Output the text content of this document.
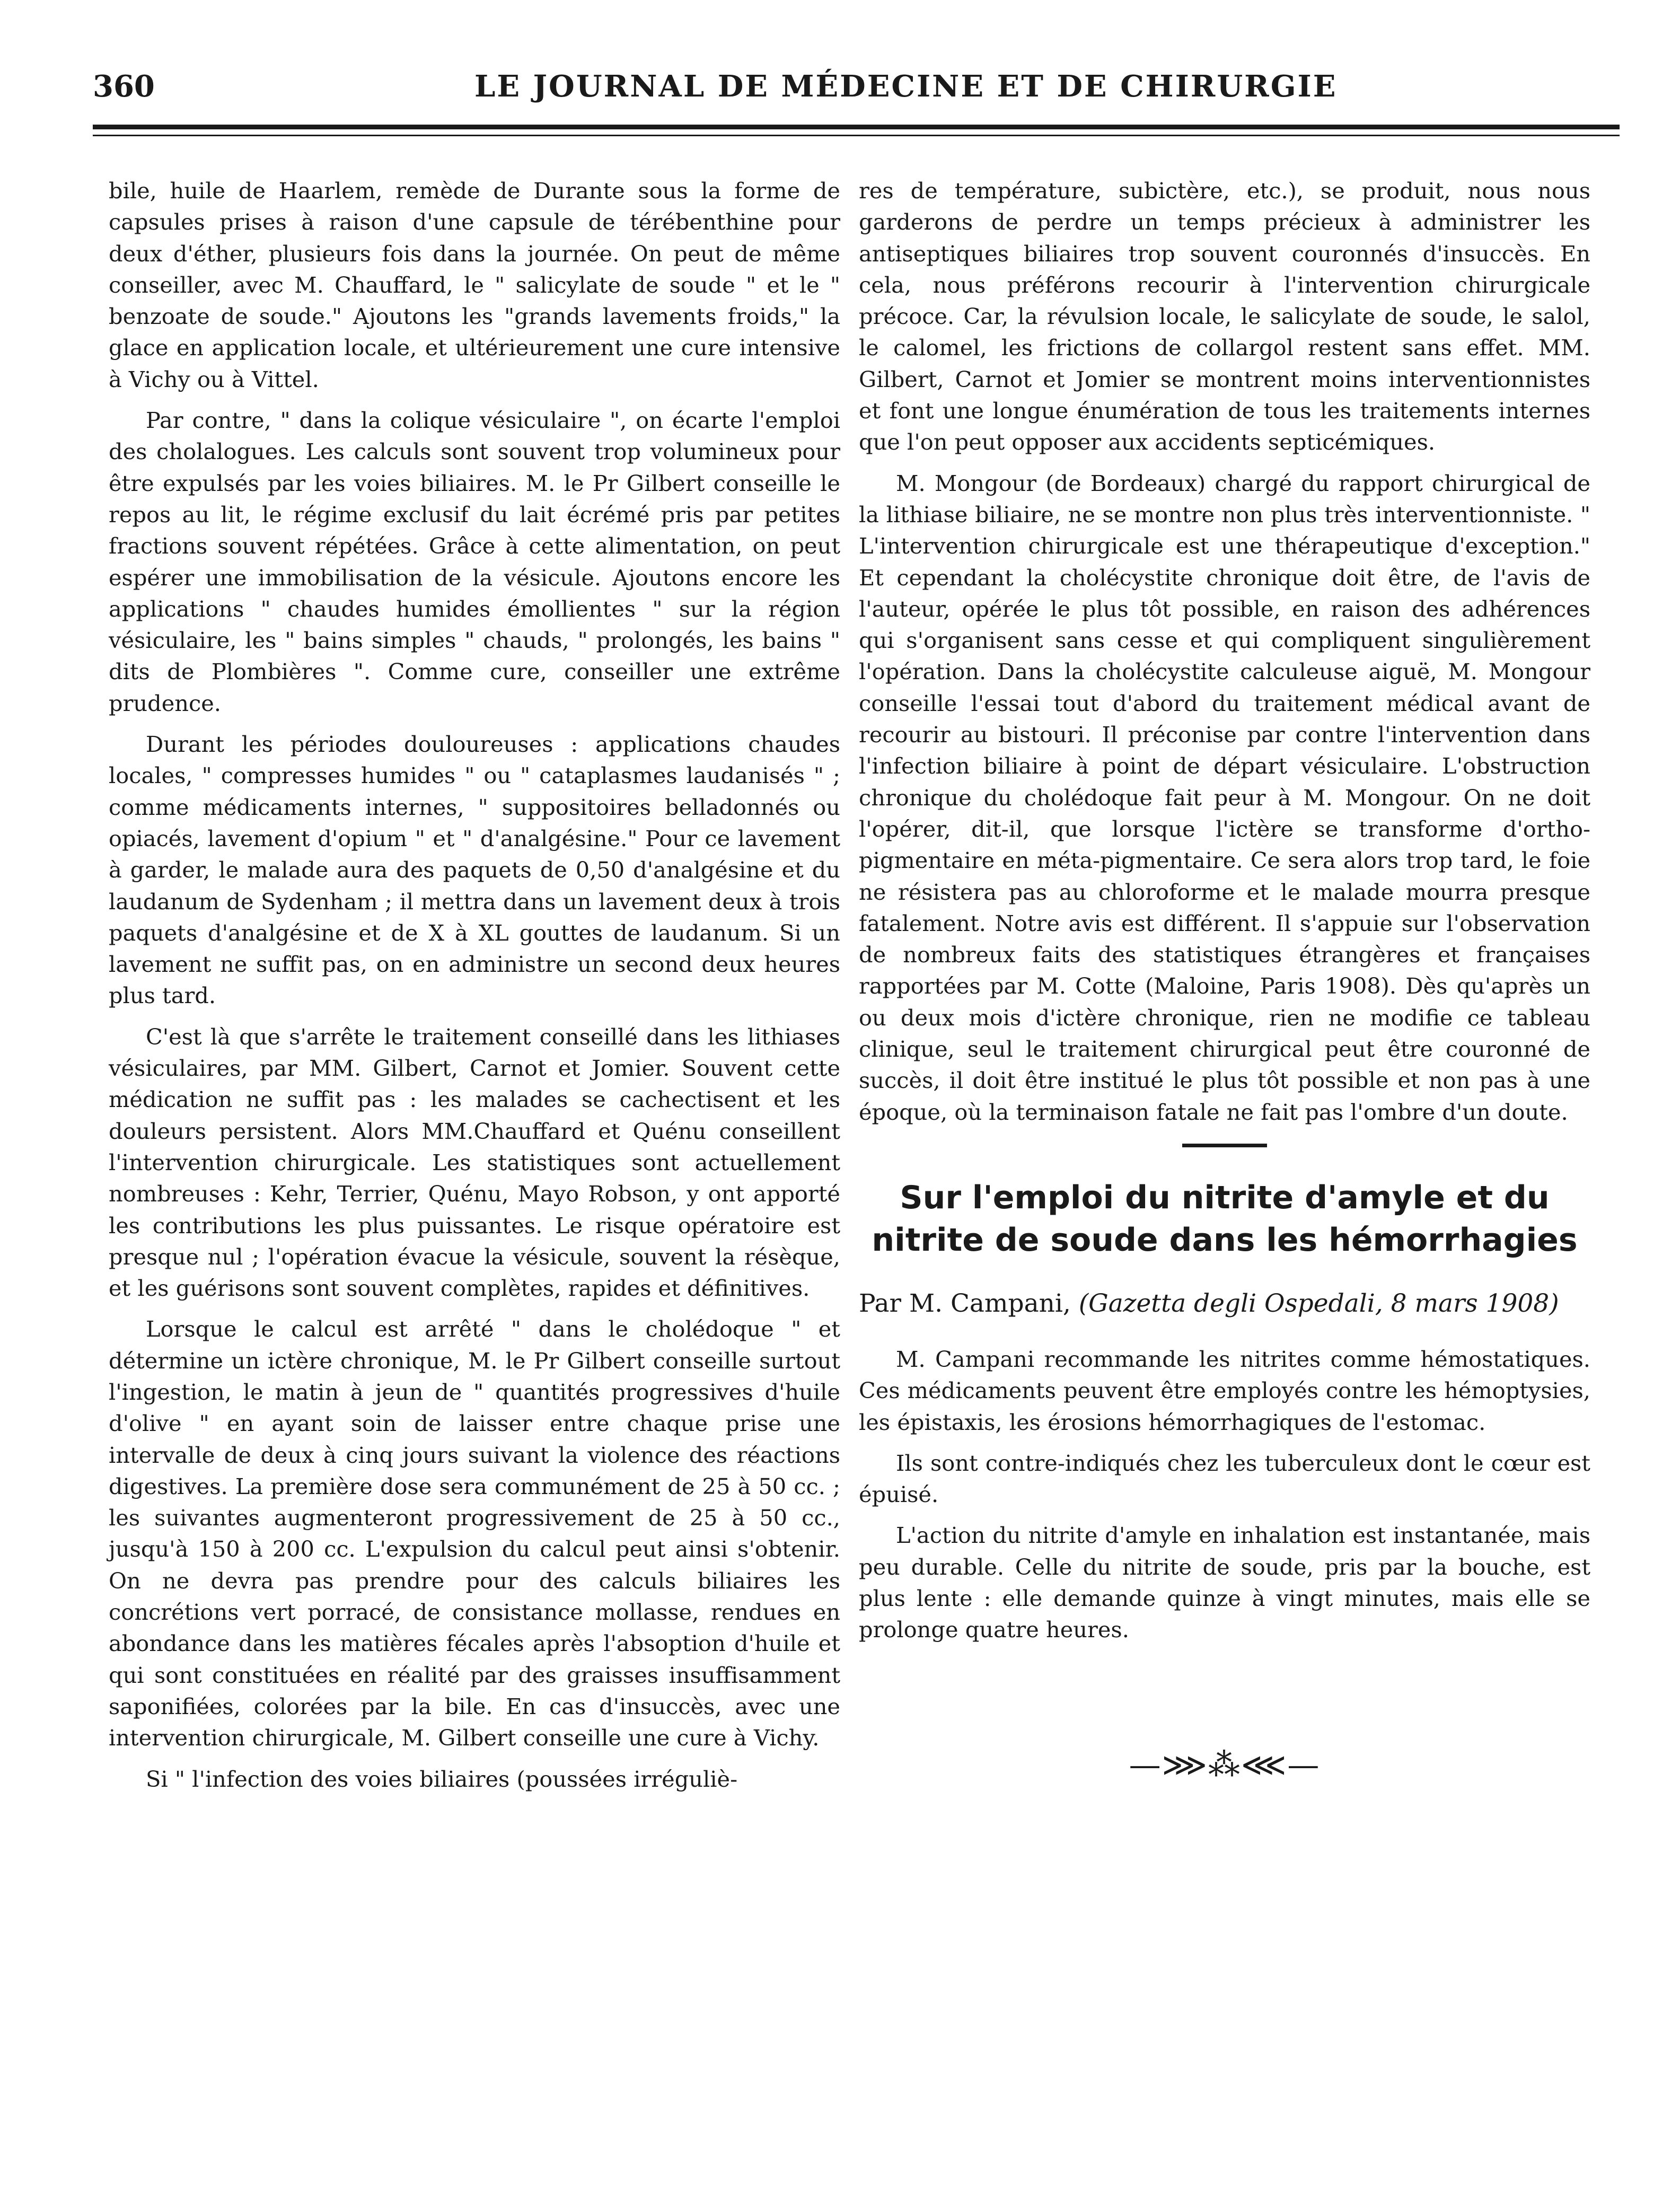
360	LE JOURNAL DE MÉDECINE ET DE CHIRURGIE

bile, huile de Haarlem, remède de Durante sous la forme de capsules prises à raison d'une capsule de térébenthine pour deux d'éther, plusieurs fois dans la journée. On peut de même conseiller, avec M. Chauffard, le " salicylate de soude " et le " benzoate de soude." Ajoutons les "grands lavements froids," la glace en application locale, et ultérieurement une cure intensive à Vichy ou à Vittel.

Par contre, " dans la colique vésiculaire ", on écarte l'emploi des cholalogues. Les calculs sont souvent trop volumineux pour être expulsés par les voies biliaires. M. le Pr Gilbert conseille le repos au lit, le régime exclusif du lait écrémé pris par petites fractions souvent répétées. Grâce à cette alimentation, on peut espérer une immobilisation de la vésicule. Ajoutons encore les applications " chaudes humides émollientes " sur la région vésiculaire, les " bains simples " chauds, " prolongés, les bains " dits de Plombières ". Comme cure, conseiller une extrême prudence.

Durant les périodes douloureuses : applications chaudes locales, " compresses humides " ou " cataplasmes laudanisés " ; comme médicaments internes, " suppositoires belladonnés ou opiacés, lavement d'opium " et " d'analgésine." Pour ce lavement à garder, le malade aura des paquets de 0,50 d'analgésine et du laudanum de Sydenham ; il mettra dans un lavement deux à trois paquets d'analgésine et de X à XL gouttes de laudanum. Si un lavement ne suffit pas, on en administre un second deux heures plus tard.

C'est là que s'arrête le traitement conseillé dans les lithiases vésiculaires, par MM. Gilbert, Carnot et Jomier. Souvent cette médication ne suffit pas : les malades se cachectisent et les douleurs persistent. Alors MM.Chauffard et Quénu conseillent l'intervention chirurgicale. Les statistiques sont actuellement nombreuses : Kehr, Terrier, Quénu, Mayo Robson, y ont apporté les contributions les plus puissantes. Le risque opératoire est presque nul ; l'opération évacue la vésicule, souvent la résèque, et les guérisons sont souvent complètes, rapides et définitives.

Lorsque le calcul est arrêté " dans le cholédoque " et détermine un ictère chronique, M. le Pr Gilbert conseille surtout l'ingestion, le matin à jeun de " quantités progressives d'huile d'olive " en ayant soin de laisser entre chaque prise une intervalle de deux à cinq jours suivant la violence des réactions digestives. La première dose sera communément de 25 à 50 cc. ; les suivantes augmenteront progressivement de 25 à 50 cc., jusqu'à 150 à 200 cc. L'expulsion du calcul peut ainsi s'obtenir. On ne devra pas prendre pour des calculs biliaires les concrétions vert porracé, de consistance mollasse, rendues en abondance dans les matières fécales après l'absoption d'huile et qui sont constituées en réalité par des graisses insuffisamment saponifiées, colorées par la bile. En cas d'insuccès, avec une intervention chirurgicale, M. Gilbert conseille une cure à Vichy.

Si " l'infection des voies biliaires (poussées irréguliè-

res de température, subictère, etc.), se produit, nous nous garderons de perdre un temps précieux à administrer les antiseptiques biliaires trop souvent couronnés d'insuccès. En cela, nous préférons recourir à l'intervention chirurgicale précoce. Car, la révulsion locale, le salicylate de soude, le salol, le calomel, les frictions de collargol restent sans effet. MM. Gilbert, Carnot et Jomier se montrent moins interventionnistes et font une longue énumération de tous les traitements internes que l'on peut opposer aux accidents septicémiques.

M. Mongour (de Bordeaux) chargé du rapport chirurgical de la lithiase biliaire, ne se montre non plus très interventionniste. " L'intervention chirurgicale est une thérapeutique d'exception." Et cependant la cholécystite chronique doit être, de l'avis de l'auteur, opérée le plus tôt possible, en raison des adhérences qui s'organisent sans cesse et qui compliquent singulièrement l'opération. Dans la cholécystite calculeuse aiguë, M. Mongour conseille l'essai tout d'abord du traitement médical avant de recourir au bistouri. Il préconise par contre l'intervention dans l'infection biliaire à point de départ vésiculaire. L'obstruction chronique du cholédoque fait peur à M. Mongour. On ne doit l'opérer, dit-il, que lorsque l'ictère se transforme d'ortho-pigmentaire en méta-pigmentaire. Ce sera alors trop tard, le foie ne résistera pas au chloroforme et le malade mourra presque fatalement. Notre avis est différent. Il s'appuie sur l'observation de nombreux faits des statistiques étrangères et françaises rapportées par M. Cotte (Maloine, Paris 1908). Dès qu'après un ou deux mois d'ictère chronique, rien ne modifie ce tableau clinique, seul le traitement chirurgical peut être couronné de succès, il doit être institué le plus tôt possible et non pas à une époque, où la terminaison fatale ne fait pas l'ombre d'un doute.

Sur l'emploi du nitrite d'amyle et du nitrite de soude dans les hémorrhagies
Par M. Campani, (Gazetta degli Ospedali, 8 mars 1908)

M. Campani recommande les nitrites comme hémostatiques. Ces médicaments peuvent être employés contre les hémoptysies, les épistaxis, les érosions hémorrhagiques de l'estomac.

Ils sont contre-indiqués chez les tuberculeux dont le cœur est épuisé.

L'action du nitrite d'amyle en inhalation est instantanée, mais peu durable. Celle du nitrite de soude, pris par la bouche, est plus lente : elle demande quinze à vingt minutes, mais elle se prolonge quatre heures.

—⋙⁂⋘—
